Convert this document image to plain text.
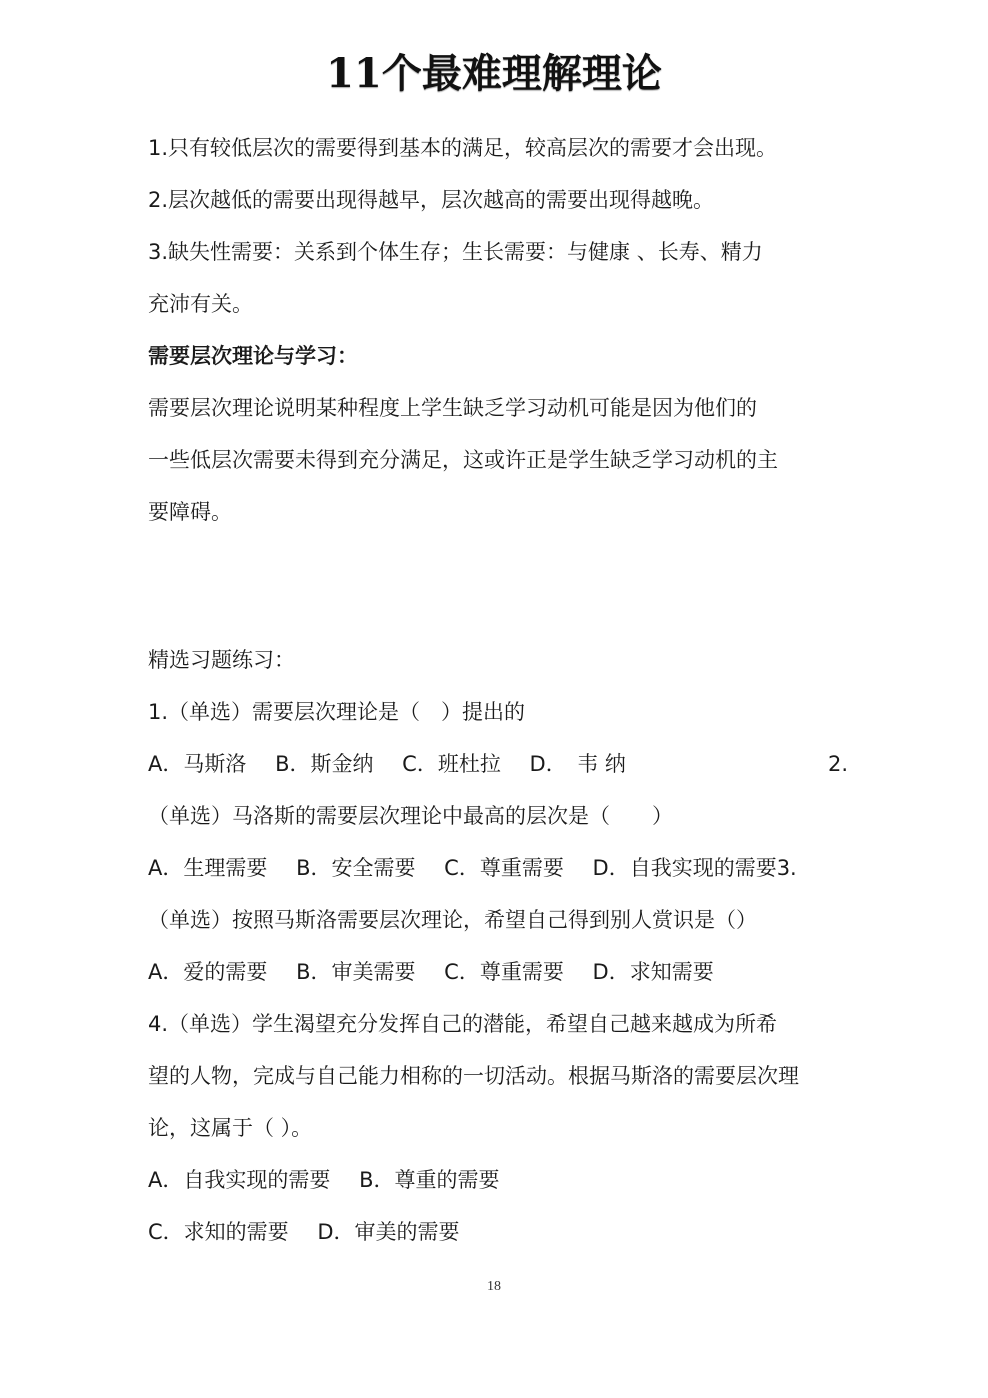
11个最难理解理论

1.只有较低层次的需要得到基本的满足，较高层次的需要才会出现。

2.层次越低的需要出现得越早，层次越高的需要出现得越晚。

3.缺失性需要：关系到个体生存；生长需要：与健康 、长寿、精力

充沛有关。

需要层次理论与学习：

需要层次理论说明某种程度上学生缺乏学习动机可能是因为他们的

一些低层次需要未得到充分满足，这或许正是学生缺乏学习动机的主

要障碍。

精选习题练习：

1.（单选）需要层次理论是（　）提出的

A．马斯洛 B．斯金纳 C．班杜拉 D．　韦 纳	2.

（单选）马洛斯的需要层次理论中最高的层次是（　　）

A．生理需要 B．安全需要 C．尊重需要 D．自我实现的需要3.

（单选）按照马斯洛需要层次理论，希望自己得到别人赏识是（）

A．爱的需要 B．审美需要 C．尊重需要 D．求知需要

4.（单选）学生渴望充分发挥自己的潜能，希望自己越来越成为所希

望的人物，完成与自己能力相称的一切活动。根据马斯洛的需要层次理

论，这属于（ ）。

A．自我实现的需要 B．尊重的需要

C．求知的需要 D．审美的需要

18
